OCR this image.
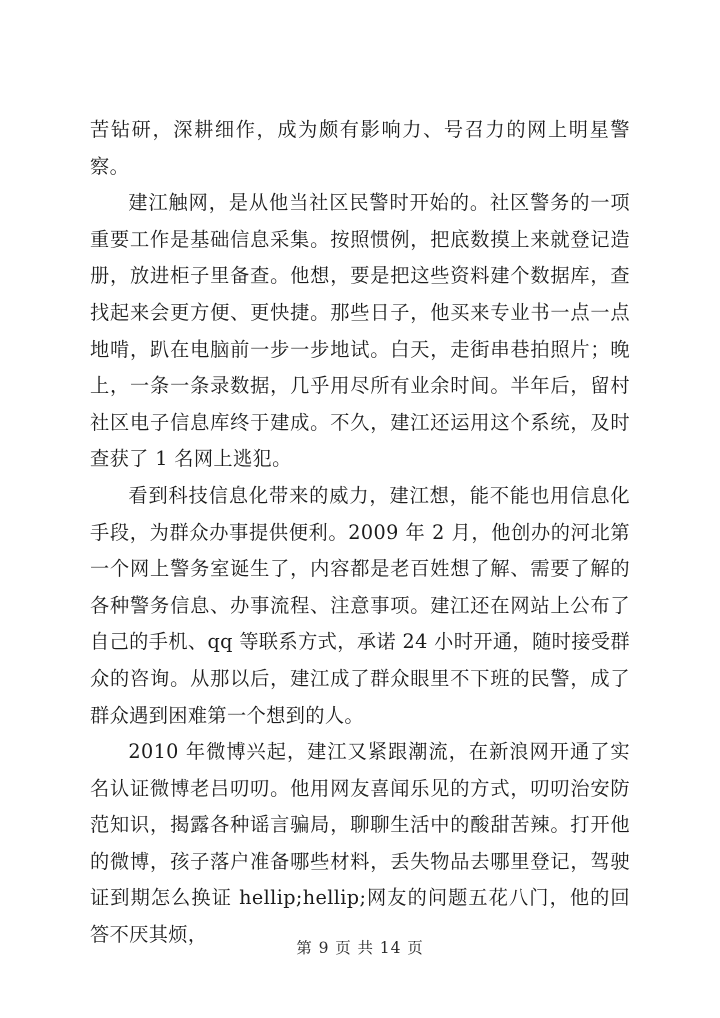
苦钻研，深耕细作，成为颇有影响力、号召力的网上明星警察。

建江触网，是从他当社区民警时开始的。社区警务的一项重要工作是基础信息采集。按照惯例，把底数摸上来就登记造册，放进柜子里备查。他想，要是把这些资料建个数据库，查找起来会更方便、更快捷。那些日子，他买来专业书一点一点地啃，趴在电脑前一步一步地试。白天，走街串巷拍照片；晚上，一条一条录数据，几乎用尽所有业余时间。半年后，留村社区电子信息库终于建成。不久，建江还运用这个系统，及时查获了 1 名网上逃犯。

看到科技信息化带来的威力，建江想，能不能也用信息化手段，为群众办事提供便利。2009 年 2 月，他创办的河北第一个网上警务室诞生了，内容都是老百姓想了解、需要了解的各种警务信息、办事流程、注意事项。建江还在网站上公布了自己的手机、qq 等联系方式，承诺 24 小时开通，随时接受群众的咨询。从那以后，建江成了群众眼里不下班的民警，成了群众遇到困难第一个想到的人。

2010 年微博兴起，建江又紧跟潮流，在新浪网开通了实名认证微博老吕叨叨。他用网友喜闻乐见的方式，叨叨治安防范知识，揭露各种谣言骗局，聊聊生活中的酸甜苦辣。打开他的微博，孩子落户准备哪些材料，丢失物品去哪里登记，驾驶证到期怎么换证 hellip;hellip;网友的问题五花八门，他的回答不厌其烦，

第 9 页 共 14 页
